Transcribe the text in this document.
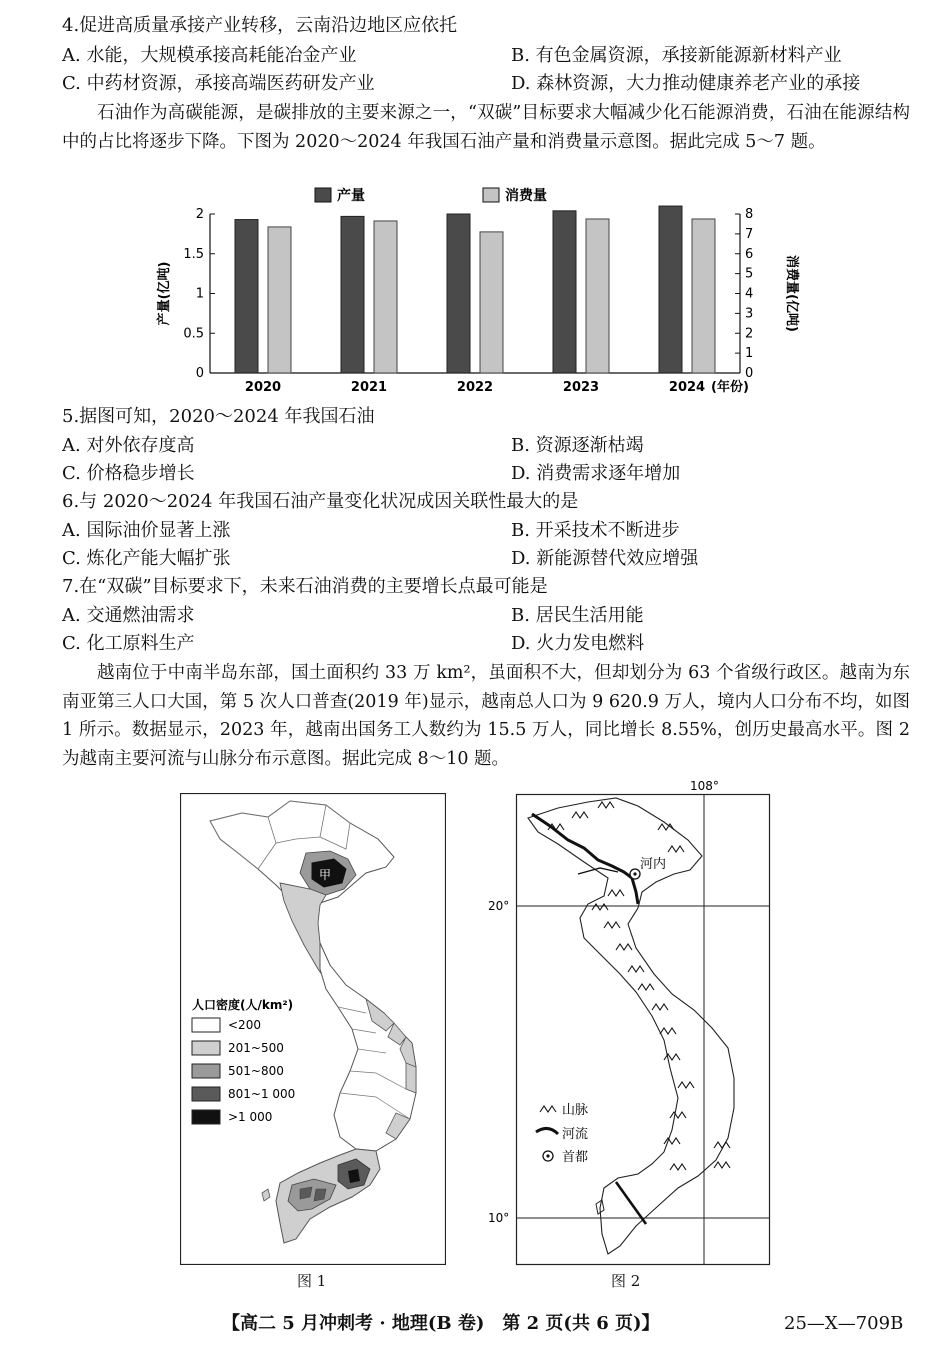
4.促进高质量承接产业转移，云南沿边地区应依托
A. 水能，大规模承接高耗能冶金产业	B. 有色金属资源，承接新能源新材料产业
C. 中药材资源，承接高端医药研发产业	D. 森林资源，大力推动健康养老产业的承接
石油作为高碳能源，是碳排放的主要来源之一，“双碳”目标要求大幅减少化石能源消费，石油在能源结构中的占比将逐步下降。下图为 2020～2024 年我国石油产量和消费量示意图。据此完成 5～7 题。
0
0.5
1
1.5
2
0
1
2
3
4
5
6
7
8
产量(亿吨)	消费量(亿吨)
产量	消费量
2020	2021	2022	2023	2024 (年份)
5.据图可知，2020～2024 年我国石油
A. 对外依存度高	B. 资源逐渐枯竭
C. 价格稳步增长	D. 消费需求逐年增加
6.与 2020～2024 年我国石油产量变化状况成因关联性最大的是
A. 国际油价显著上涨	B. 开采技术不断进步
C. 炼化产能大幅扩张	D. 新能源替代效应增强
7.在“双碳”目标要求下，未来石油消费的主要增长点最可能是
A. 交通燃油需求	B. 居民生活用能
C. 化工原料生产	D. 火力发电燃料
越南位于中南半岛东部，国土面积约 33 万 km²，虽面积不大，但却划分为 63 个省级行政区。越南为东南亚第三人口大国，第 5 次人口普查(2019 年)显示，越南总人口为 9 620.9 万人，境内人口分布不均，如图 1 所示。数据显示，2023 年，越南出国务工人数约为 15.5 万人，同比增长 8.55%，创历史最高水平。图 2 为越南主要河流与山脉分布示意图。据此完成 8～10 题。
甲
人口密度(人/km²)
<200
201~500
501~800
801~1 000
>1 000
图 1
108°
20°
10°
河内
山脉
河流
首都
图 2
【高二 5 月冲刺考 · 地理(B 卷)　第 2 页(共 6 页)】	25—X—709B
